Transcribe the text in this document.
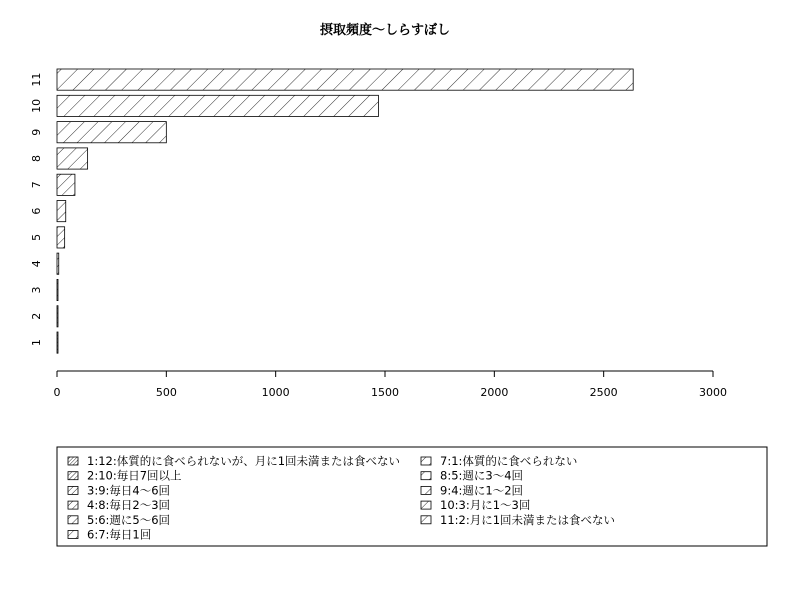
摂取頻度〜しらすぼし
1
2
3
4
5
6
7
8
9
10
11
0	500	1000	1500	2000	2500	3000
1:12:体質的に食べられないが、月に1回未満または食べない
2:10:毎日7回以上
3:9:毎日4〜6回
4:8:毎日2〜3回
5:6:週に5〜6回
6:7:毎日1回
7:1:体質的に食べられない
8:5:週に3〜4回
9:4:週に1〜2回
10:3:月に1〜3回
11:2:月に1回未満または食べない
